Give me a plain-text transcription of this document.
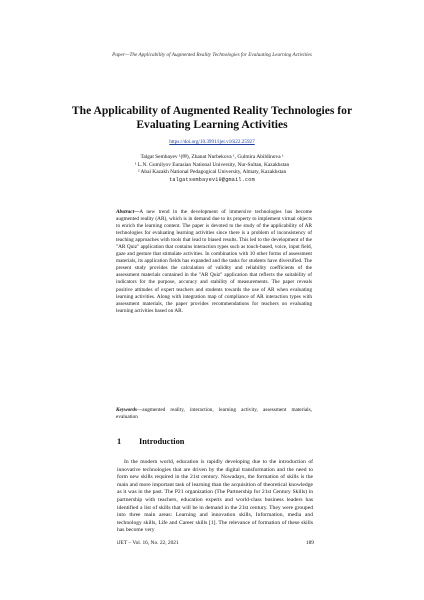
Paper—The Applicability of Augmented Reality Technologies for Evaluating Learning Activities
The Applicability of Augmented Reality Technologies for Evaluating Learning Activities
https://doi.org/10.3991/ijet.v16i22.25927
Talgat Sembayev ¹(✉), Zhanat Nurbekova ¹, Gulmira Abildinova ¹
¹ L.N. Gumilyov Eurasian National University, Nur-Sultan, Kazakhstan
² Abai Kazakh National Pedagogical University, Almaty, Kazakhstan
talgatsembayev10@gmail.com
Abstract—A new trend in the development of immersive technologies has become augmented reality (AR), which is in demand due to its property to implement virtual objects to enrich the learning content. The paper is devoted to the study of the applicability of AR technologies for evaluating learning activities since there is a problem of inconsistency of teaching approaches with tools that lead to biased results. This led to the development of the "AR Quiz" application that contains interaction types such as touch-based, voice, input field, gaze and gesture that stimulate activities. In combination with 10 other forms of assessment materials, its application fields has expanded and the tasks for students have diversified. The present study provides the calculation of validity and reliability coefficients of the assessment materials contained in the "AR Quiz" application that reflects the suitability of indicators for the purpose, accuracy and stability of measurements. The paper reveals positive attitudes of expert teachers and students towards the use of AR when evaluating learning activities. Along with integration map of compliance of AR interaction types with assessment materials, the paper provides recommendations for teachers on evaluating learning activities based on AR.
Keywords—augmented reality, interaction, learning activity, assessment materials, evaluation
1 Introduction
In the modern world, education is rapidly developing due to the introduction of innovative technologies that are driven by the digital transformation and the need to form new skills required in the 21st century. Nowadays, the formation of skills is the main and more important task of learning than the acquisition of theoretical knowledge as it was in the past. The P21 organization (The Partnership for 21st Century Skills) in partnership with teachers, education experts and world-class business leaders has identified a list of skills that will be in demand in the 21st century. They were grouped into three main areas: Learning and innovation skills, Information, media and technology skills, Life and Career skills [1]. The relevance of formation of these skills has become very
iJET ‒ Vol. 16, No. 22, 2021	189
